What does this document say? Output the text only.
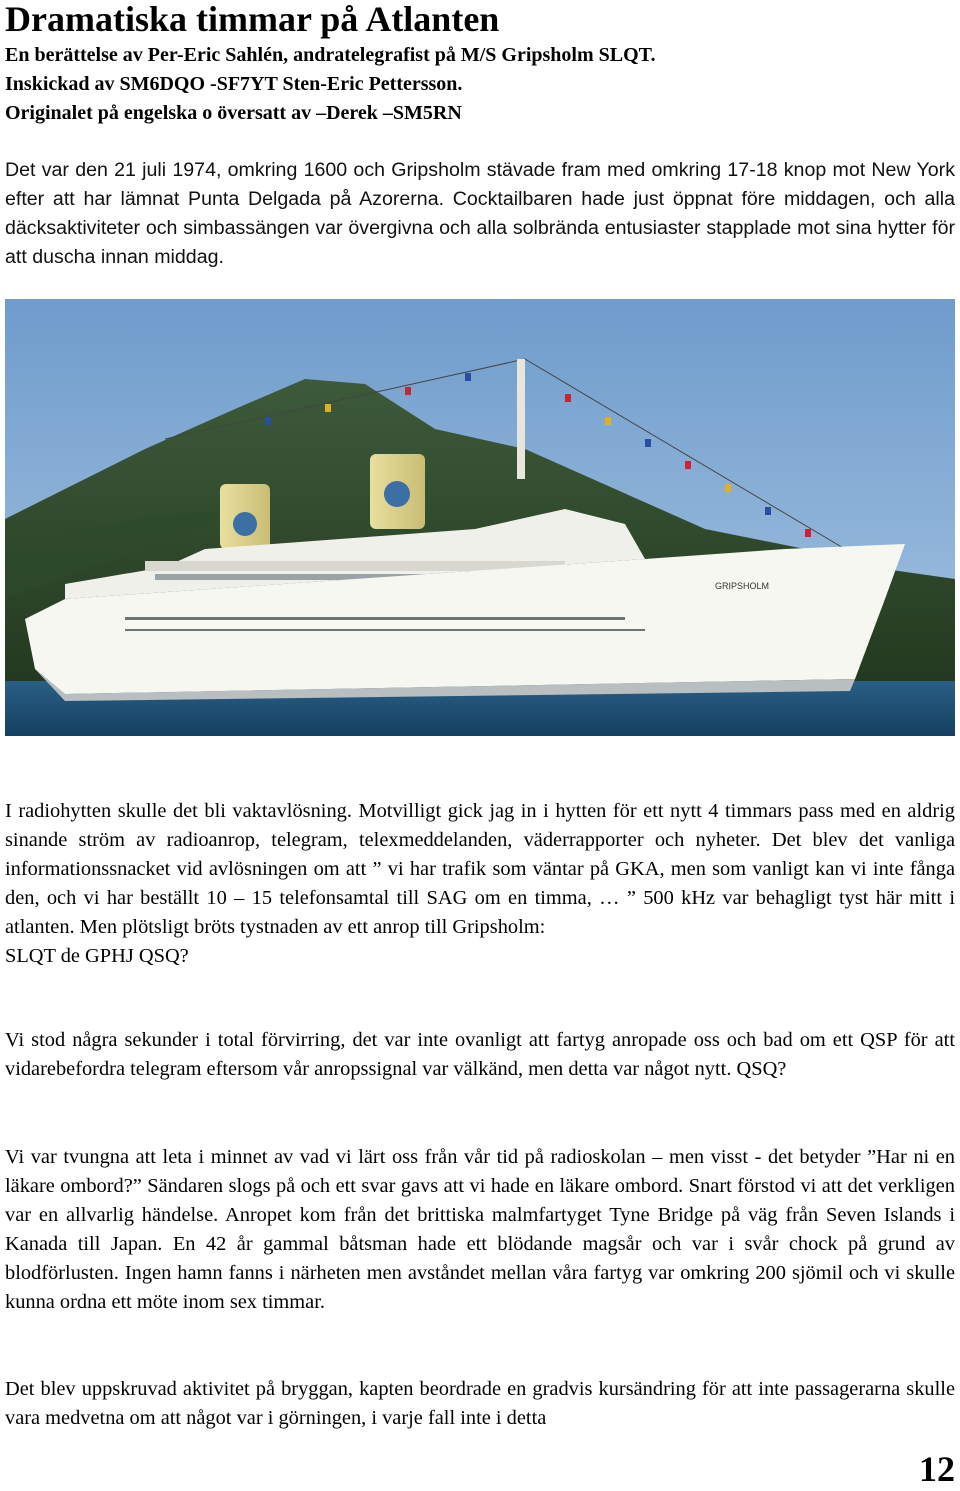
Dramatiska timmar på Atlanten

En berättelse av Per-Eric Sahlén, andratelegrafist på M/S Gripsholm SLQT.

Inskickad av SM6DQO -SF7YT Sten-Eric Pettersson.

Originalet på engelska o översatt av –Derek –SM5RN

Det var den 21 juli 1974, omkring 1600 och Gripsholm stävade fram med omkring 17-18 knop mot New York efter att har lämnat Punta Delgada på Azorerna. Cocktailbaren hade just öppnat före middagen, och alla däcksaktiviteter och simbassängen var övergivna och alla solbrända entusiaster stapplade mot sina hytter för att duscha innan middag.

GRIPSHOLM

I radiohytten skulle det bli vaktavlösning. Motvilligt gick jag in i hytten för ett nytt 4 timmars pass med en aldrig sinande ström av radioanrop, telegram, telexmeddelanden, väderrapporter och nyheter. Det blev det vanliga informationssnacket vid avlösningen om att ” vi har trafik som väntar på GKA, men som vanligt kan vi inte fånga den, och vi har beställt 10 – 15 telefonsamtal till SAG om en timma, … ” 500 kHz var behagligt tyst här mitt i atlanten. Men plötsligt bröts tystnaden av ett anrop till Gripsholm:
SLQT de GPHJ QSQ?

Vi stod några sekunder i total förvirring, det var inte ovanligt att fartyg anropade oss och bad om ett QSP för att vidarebefordra telegram eftersom vår anropssignal var välkänd, men detta var något nytt. QSQ?

Vi var tvungna att leta i minnet av vad vi lärt oss från vår tid på radioskolan – men visst - det betyder ”Har ni en läkare ombord?” Sändaren slogs på och ett svar gavs att vi hade en läkare ombord. Snart förstod vi att det verkligen var en allvarlig händelse. Anropet kom från det brittiska malmfartyget Tyne Bridge på väg från Seven Islands i Kanada till Japan. En 42 år gammal båtsman hade ett blödande magsår och var i svår chock på grund av blodförlusten. Ingen hamn fanns i närheten men avståndet mellan våra fartyg var omkring 200 sjömil och vi skulle kunna ordna ett möte inom sex timmar.

Det blev uppskruvad aktivitet på bryggan, kapten beordrade en gradvis kursändring för att inte passagerarna skulle vara medvetna om att något var i görningen, i varje fall inte i detta

12
